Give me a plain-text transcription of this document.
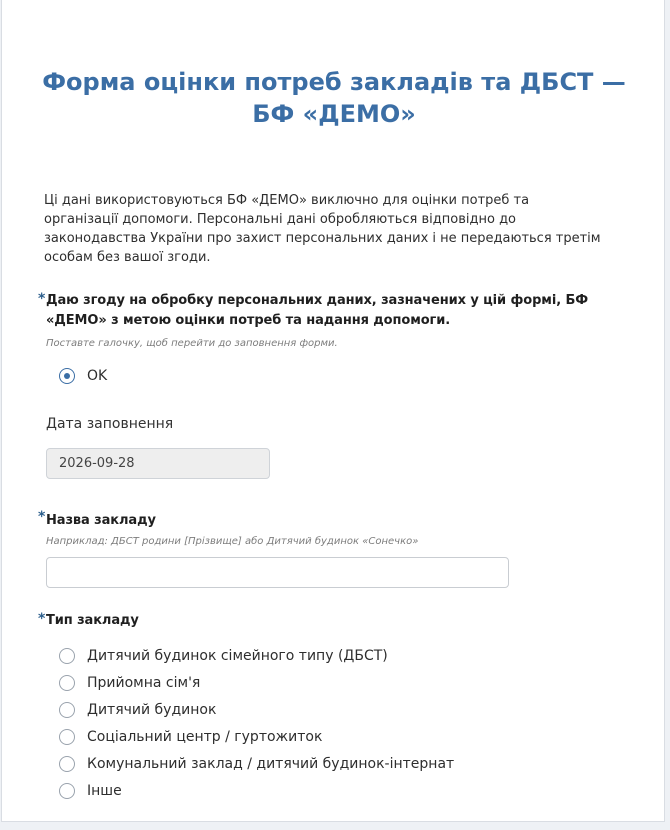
Форма оцінки потреб закладів та ДБСТ — БФ «ДЕМО»

Ці дані використовуються БФ «ДЕМО» виключно для оцінки потреб та організації допомоги. Персональні дані обробляються відповідно до законодавства України про захист персональних даних і не передаються третім особам без вашої згоди.

* Даю згоду на обробку персональних даних, зазначених у цій формі, БФ «ДЕМО» з метою оцінки потреб та надання допомоги.

Поставте галочку, щоб перейти до заповнення форми.

OK

Дата заповнення

2026-09-28
* Назва закладу

Наприклад: ДБСТ родини [Прізвище] або Дитячий будинок «Сонечко»

* Тип закладу

Дитячий будинок сімейного типу (ДБСТ)
Прийомна сім'я
Дитячий будинок
Соціальний центр / гуртожиток
Комунальний заклад / дитячий будинок-інтернат
Інше
